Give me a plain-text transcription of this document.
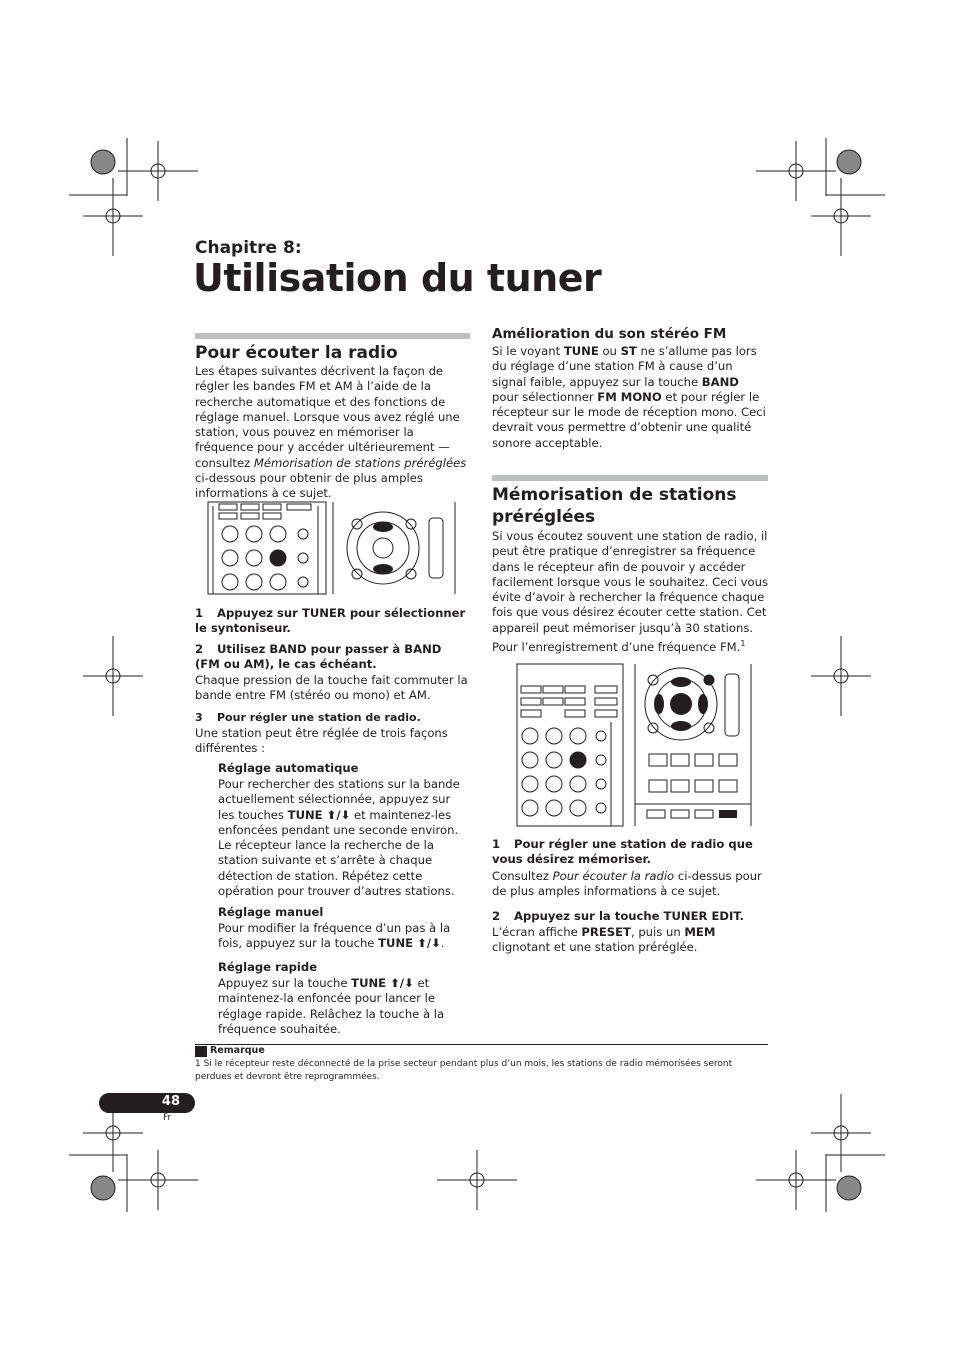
Chapitre 8:
Utilisation du tuner
Pour écouter la radio
Les étapes suivantes décrivent la façon de régler les bandes FM et AM à l’aide de la recherche automatique et des fonctions de réglage manuel. Lorsque vous avez réglé une station, vous pouvez en mémoriser la fréquence pour y accéder ultérieurement —consultez Mémorisation de stations préréglées ci-dessous pour obtenir de plus amples informations à ce sujet.
1 Appuyez sur TUNER pour sélectionner le syntoniseur.
2 Utilisez BAND pour passer à BAND (FM ou AM), le cas échéant.
Chaque pression de la touche fait commuter la bande entre FM (stéréo ou mono) et AM.
3 Pour régler une station de radio.
Une station peut être réglée de trois façons différentes :
Réglage automatique
Pour rechercher des stations sur la bande actuellement sélectionnée, appuyez sur les touches TUNE ⬆/⬇ et maintenez-les enfoncées pendant une seconde environ. Le récepteur lance la recherche de la station suivante et s’arrête à chaque détection de station. Répétez cette opération pour trouver d’autres stations.
Réglage manuel
Pour modifier la fréquence d’un pas à la fois, appuyez sur la touche TUNE ⬆/⬇.
Réglage rapide
Appuyez sur la touche TUNE ⬆/⬇ et maintenez-la enfoncée pour lancer le réglage rapide. Relâchez la touche à la fréquence souhaitée.
Amélioration du son stéréo FM
Si le voyant TUNE ou ST ne s’allume pas lors du réglage d’une station FM à cause d’un signal faible, appuyez sur la touche BAND pour sélectionner FM MONO et pour régler le récepteur sur le mode de réception mono. Ceci devrait vous permettre d’obtenir une qualité sonore acceptable.
Mémorisation de stations préréglées
Si vous écoutez souvent une station de radio, il peut être pratique d’enregistrer sa fréquence dans le récepteur afin de pouvoir y accéder facilement lorsque vous le souhaitez. Ceci vous évite d’avoir à rechercher la fréquence chaque fois que vous désirez écouter cette station. Cet appareil peut mémoriser jusqu’à 30 stations. Pour l’enregistrement d’une fréquence FM.$^1$
1 Pour régler une station de radio que vous désirez mémoriser.
Consultez Pour écouter la radio ci-dessus pour de plus amples informations à ce sujet.
2 Appuyez sur la touche TUNER EDIT.
L’écran affiche PRESET, puis un MEM clignotant et une station préréglée.
Remarque
1 Si le récepteur reste déconnecté de la prise secteur pendant plus d’un mois, les stations de radio mémorisées seront perdues et devront être reprogrammées.
48
Fr
